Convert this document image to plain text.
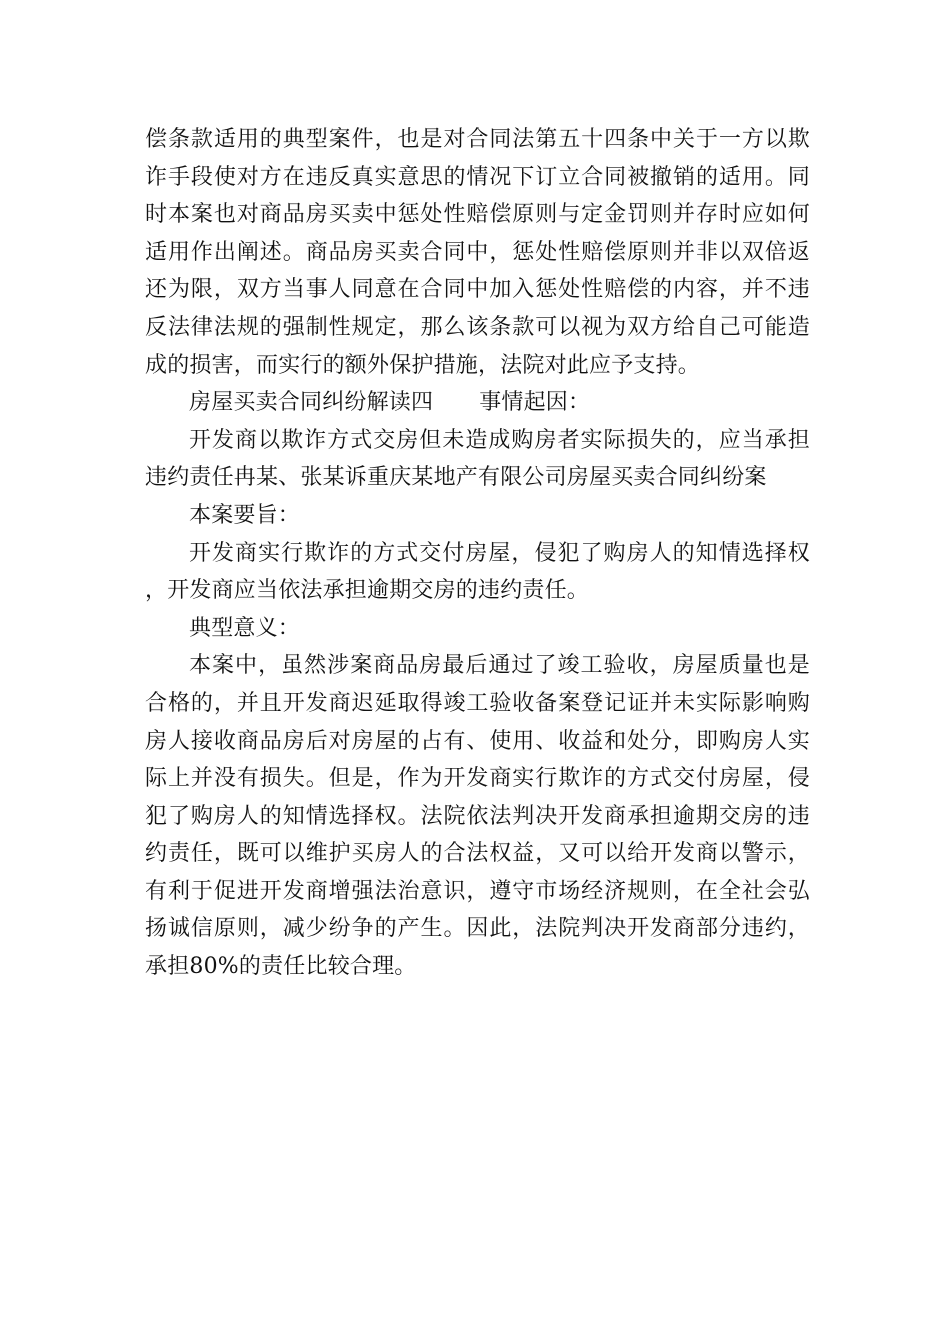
偿条款适用的典型案件，也是对合同法第五十四条中关于一方以欺诈手段使对方在违反真实意思的情况下订立合同被撤销的适用。同时本案也对商品房买卖中惩处性赔偿原则与定金罚则并存时应如何适用作出阐述。商品房买卖合同中，惩处性赔偿原则并非以双倍返还为限，双方当事人同意在合同中加入惩处性赔偿的内容，并不违反法律法规的强制性规定，那么该条款可以视为双方给自己可能造成的损害，而实行的额外保护措施，法院对此应予支持。

房屋买卖合同纠纷解读四 事情起因：

开发商以欺诈方式交房但未造成购房者实际损失的，应当承担违约责任冉某、张某诉重庆某地产有限公司房屋买卖合同纠纷案

本案要旨：

开发商实行欺诈的方式交付房屋，侵犯了购房人的知情选择权，开发商应当依法承担逾期交房的违约责任。

典型意义：

本案中，虽然涉案商品房最后通过了竣工验收，房屋质量也是合格的，并且开发商迟延取得竣工验收备案登记证并未实际影响购房人接收商品房后对房屋的占有、使用、收益和处分，即购房人实际上并没有损失。但是，作为开发商实行欺诈的方式交付房屋，侵犯了购房人的知情选择权。法院依法判决开发商承担逾期交房的违约责任，既可以维护买房人的合法权益，又可以给开发商以警示，有利于促进开发商增强法治意识，遵守市场经济规则，在全社会弘扬诚信原则，减少纷争的产生。因此，法院判决开发商部分违约，承担80%的责任比较合理。
